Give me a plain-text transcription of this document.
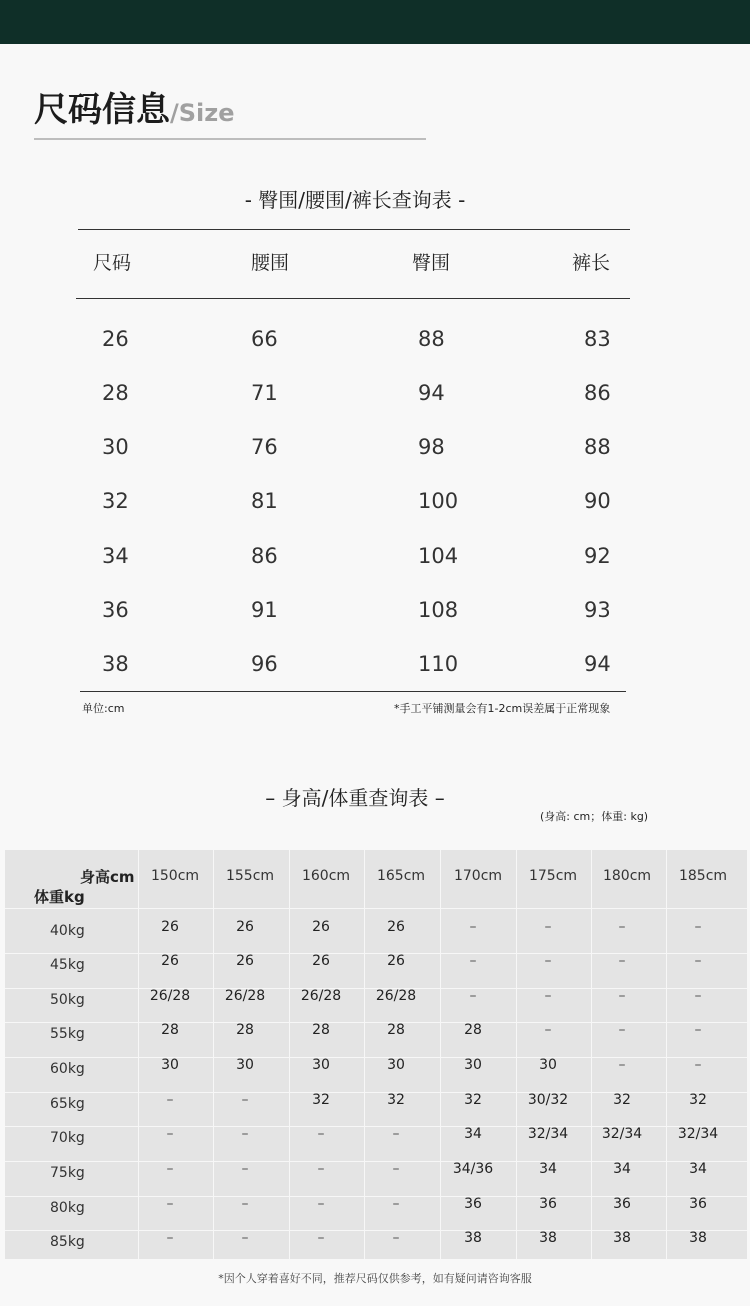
尺码信息/Size
- 臀围/腰围/裤长查询表 -
尺码	腰围	臀围	裤长
26	66	88	83
28	71	94	86
30	76	98	88
32	81	100	90
34	86	104	92
36	91	108	93
38	96	110	94
单位:cm	*手工平铺测量会有1-2cm误差属于正常现象
– 身高/体重查询表 –
(身高: cm；体重: kg)
身高cm
体重kg
150cm	155cm	160cm	165cm	170cm	175cm	180cm	185cm
40kg	26	26	26	26	–	–	–	–
45kg	26	26	26	26	–	–	–	–
50kg	26/28	26/28	26/28	26/28	–	–	–	–
55kg	28	28	28	28	28	–	–	–
60kg	30	30	30	30	30	30	–	–
65kg	–	–	32	32	32	30/32	32	32
70kg	–	–	–	–	34	32/34	32/34	32/34
75kg	–	–	–	–	34/36	34	34	34
80kg	–	–	–	–	36	36	36	36
85kg	–	–	–	–	38	38	38	38
*因个人穿着喜好不同，推荐尺码仅供参考，如有疑问请咨询客服
